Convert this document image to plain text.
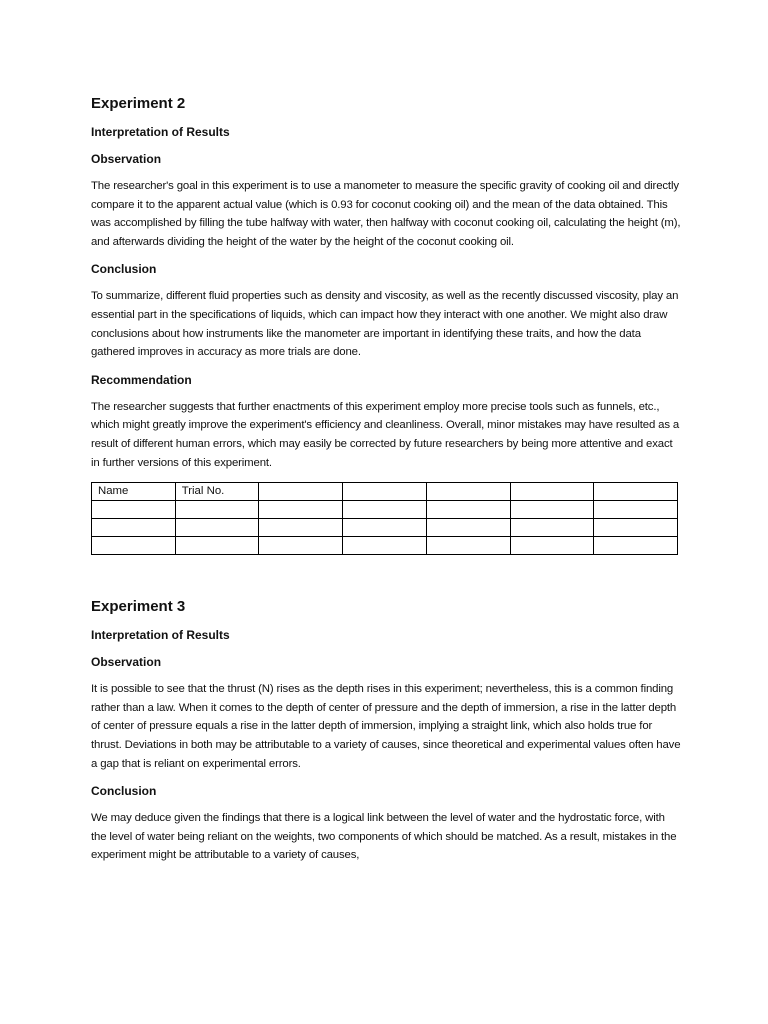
Experiment 2
Interpretation of Results
Observation

The researcher's goal in this experiment is to use a manometer to measure the specific gravity of cooking oil and directly compare it to the apparent actual value (which is 0.93 for coconut cooking oil) and the mean of the data obtained. This was accomplished by filling the tube halfway with water, then halfway with coconut cooking oil, calculating the height (m), and afterwards dividing the height of the water by the height of the coconut cooking oil.

Conclusion

To summarize, different fluid properties such as density and viscosity, as well as the recently discussed viscosity, play an essential part in the specifications of liquids, which can impact how they interact with one another. We might also draw conclusions about how instruments like the manometer are important in identifying these traits, and how the data gathered improves in accuracy as more trials are done.

Recommendation

The researcher suggests that further enactments of this experiment employ more precise tools such as funnels, etc., which might greatly improve the experiment's efficiency and cleanliness. Overall, minor mistakes may have resulted as a result of different human errors, which may easily be corrected by future researchers by being more attentive and exact in further versions of this experiment.

Name	Trial No.					

Experiment 3
Interpretation of Results
Observation

It is possible to see that the thrust (N) rises as the depth rises in this experiment; nevertheless, this is a common finding rather than a law. When it comes to the depth of center of pressure and the depth of immersion, a rise in the latter depth of center of pressure equals a rise in the latter depth of immersion, implying a straight link, which also holds true for thrust. Deviations in both may be attributable to a variety of causes, since theoretical and experimental values often have a gap that is reliant on experimental errors.

Conclusion

We may deduce given the findings that there is a logical link between the level of water and the hydrostatic force, with the level of water being reliant on the weights, two components of which should be matched. As a result, mistakes in the experiment might be attributable to a variety of causes,
